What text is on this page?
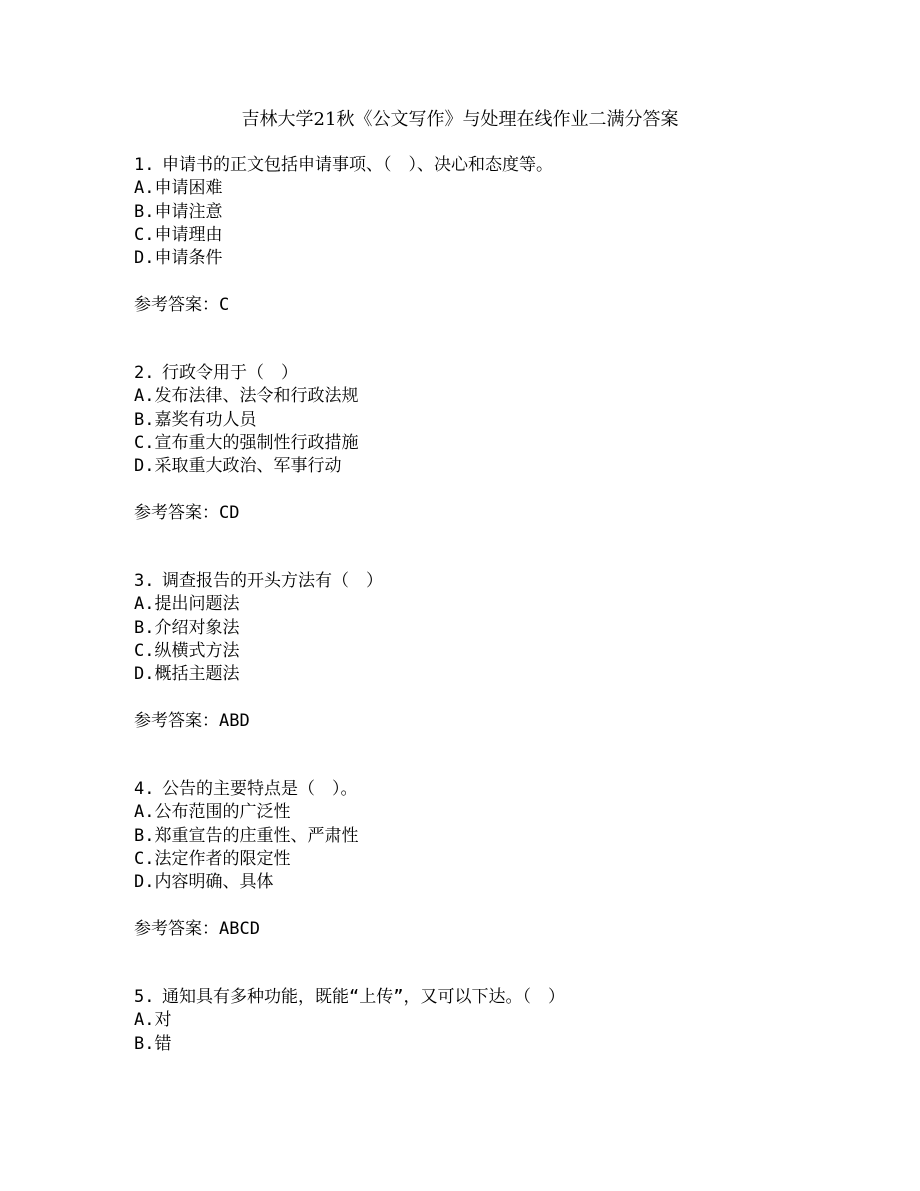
吉林大学21秋《公文写作》与处理在线作业二满分答案
1. 申请书的正文包括申请事项、（　）、决心和态度等。
A.申请困难
B.申请注意
C.申请理由
D.申请条件
参考答案：C
2. 行政令用于（　）
A.发布法律、法令和行政法规
B.嘉奖有功人员
C.宣布重大的强制性行政措施
D.采取重大政治、军事行动
参考答案：CD
3. 调查报告的开头方法有（　）
A.提出问题法
B.介绍对象法
C.纵横式方法
D.概括主题法
参考答案：ABD
4. 公告的主要特点是（　）。
A.公布范围的广泛性
B.郑重宣告的庄重性、严肃性
C.法定作者的限定性
D.内容明确、具体
参考答案：ABCD
5. 通知具有多种功能，既能“上传”，又可以下达。（　）
A.对
B.错
